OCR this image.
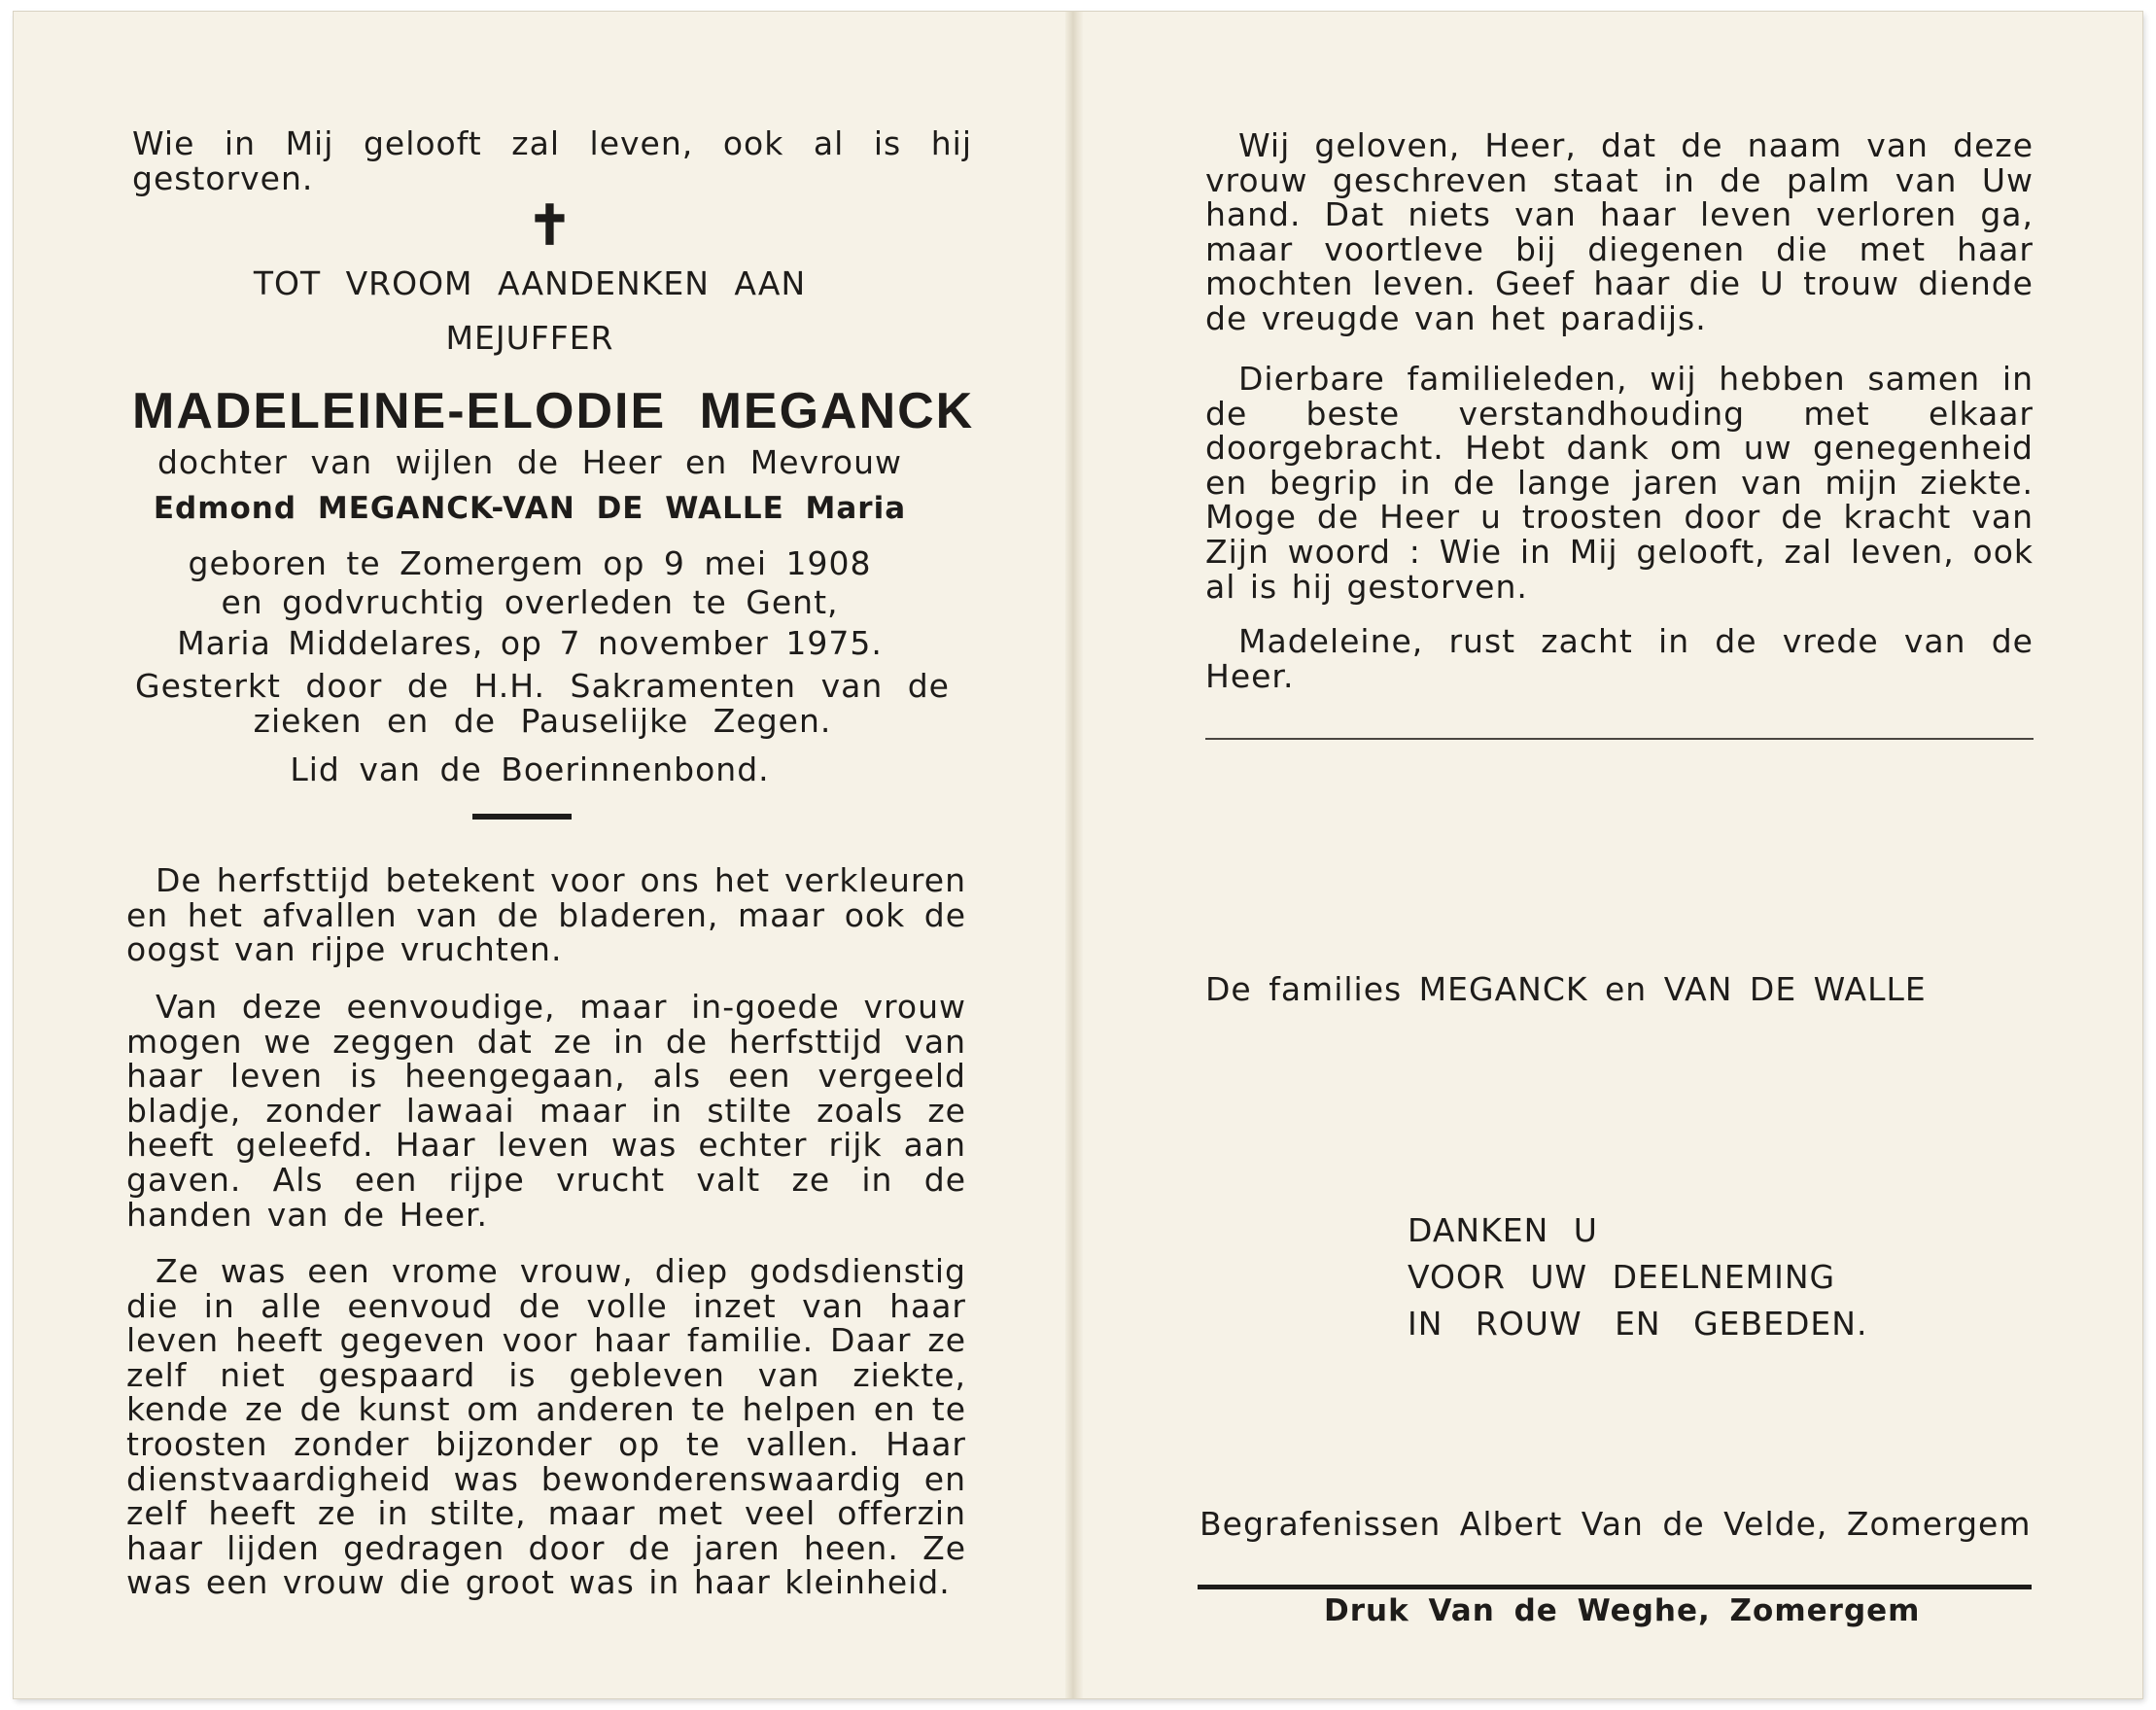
Wie in Mij gelooft zal leven, ook al is hij gestorven.
✝
TOT VROOM AANDENKEN AAN
MEJUFFER
MADELEINE-ELODIE MEGANCK
dochter van wijlen de Heer en Mevrouw
Edmond MEGANCK-VAN DE WALLE Maria
geboren te Zomergem op 9 mei 1908
en godvruchtig overleden te Gent,
Maria Middelares, op 7 november 1975.
Gesterkt door de H.H. Sakramenten van de zieken en de Pauselijke Zegen.
Lid van de Boerinnenbond.
De herfsttijd betekent voor ons het verkleuren en het afvallen van de bladeren, maar ook de oogst van rijpe vruchten.
Van deze eenvoudige, maar in-goede vrouw mogen we zeggen dat ze in de herfsttijd van haar leven is heengegaan, als een vergeeld bladje, zonder lawaai maar in stilte zoals ze heeft geleefd. Haar leven was echter rijk aan gaven. Als een rijpe vrucht valt ze in de handen van de Heer.
Ze was een vrome vrouw, diep godsdienstig die in alle eenvoud de volle inzet van haar leven heeft gegeven voor haar familie. Daar ze zelf niet gespaard is gebleven van ziekte, kende ze de kunst om anderen te helpen en te troosten zonder bijzonder op te vallen. Haar dienstvaardigheid was bewonderenswaardig en zelf heeft ze in stilte, maar met veel offerzin haar lijden gedragen door de jaren heen. Ze was een vrouw die groot was in haar kleinheid.
Wij geloven, Heer, dat de naam van deze vrouw geschreven staat in de palm van Uw hand. Dat niets van haar leven verloren ga, maar voortleve bij diegenen die met haar mochten leven. Geef haar die U trouw diende de vreugde van het paradijs.
Dierbare familieleden, wij hebben samen in de beste verstandhouding met elkaar doorgebracht. Hebt dank om uw genegenheid en begrip in de lange jaren van mijn ziekte. Moge de Heer u troosten door de kracht van Zijn woord : Wie in Mij gelooft, zal leven, ook al is hij gestorven.
Madeleine, rust zacht in de vrede van de Heer.
De families MEGANCK en VAN DE WALLE
DANKEN U
VOOR UW DEELNEMING
IN ROUW EN GEBEDEN.
Begrafenissen Albert Van de Velde, Zomergem
Druk Van de Weghe, Zomergem
